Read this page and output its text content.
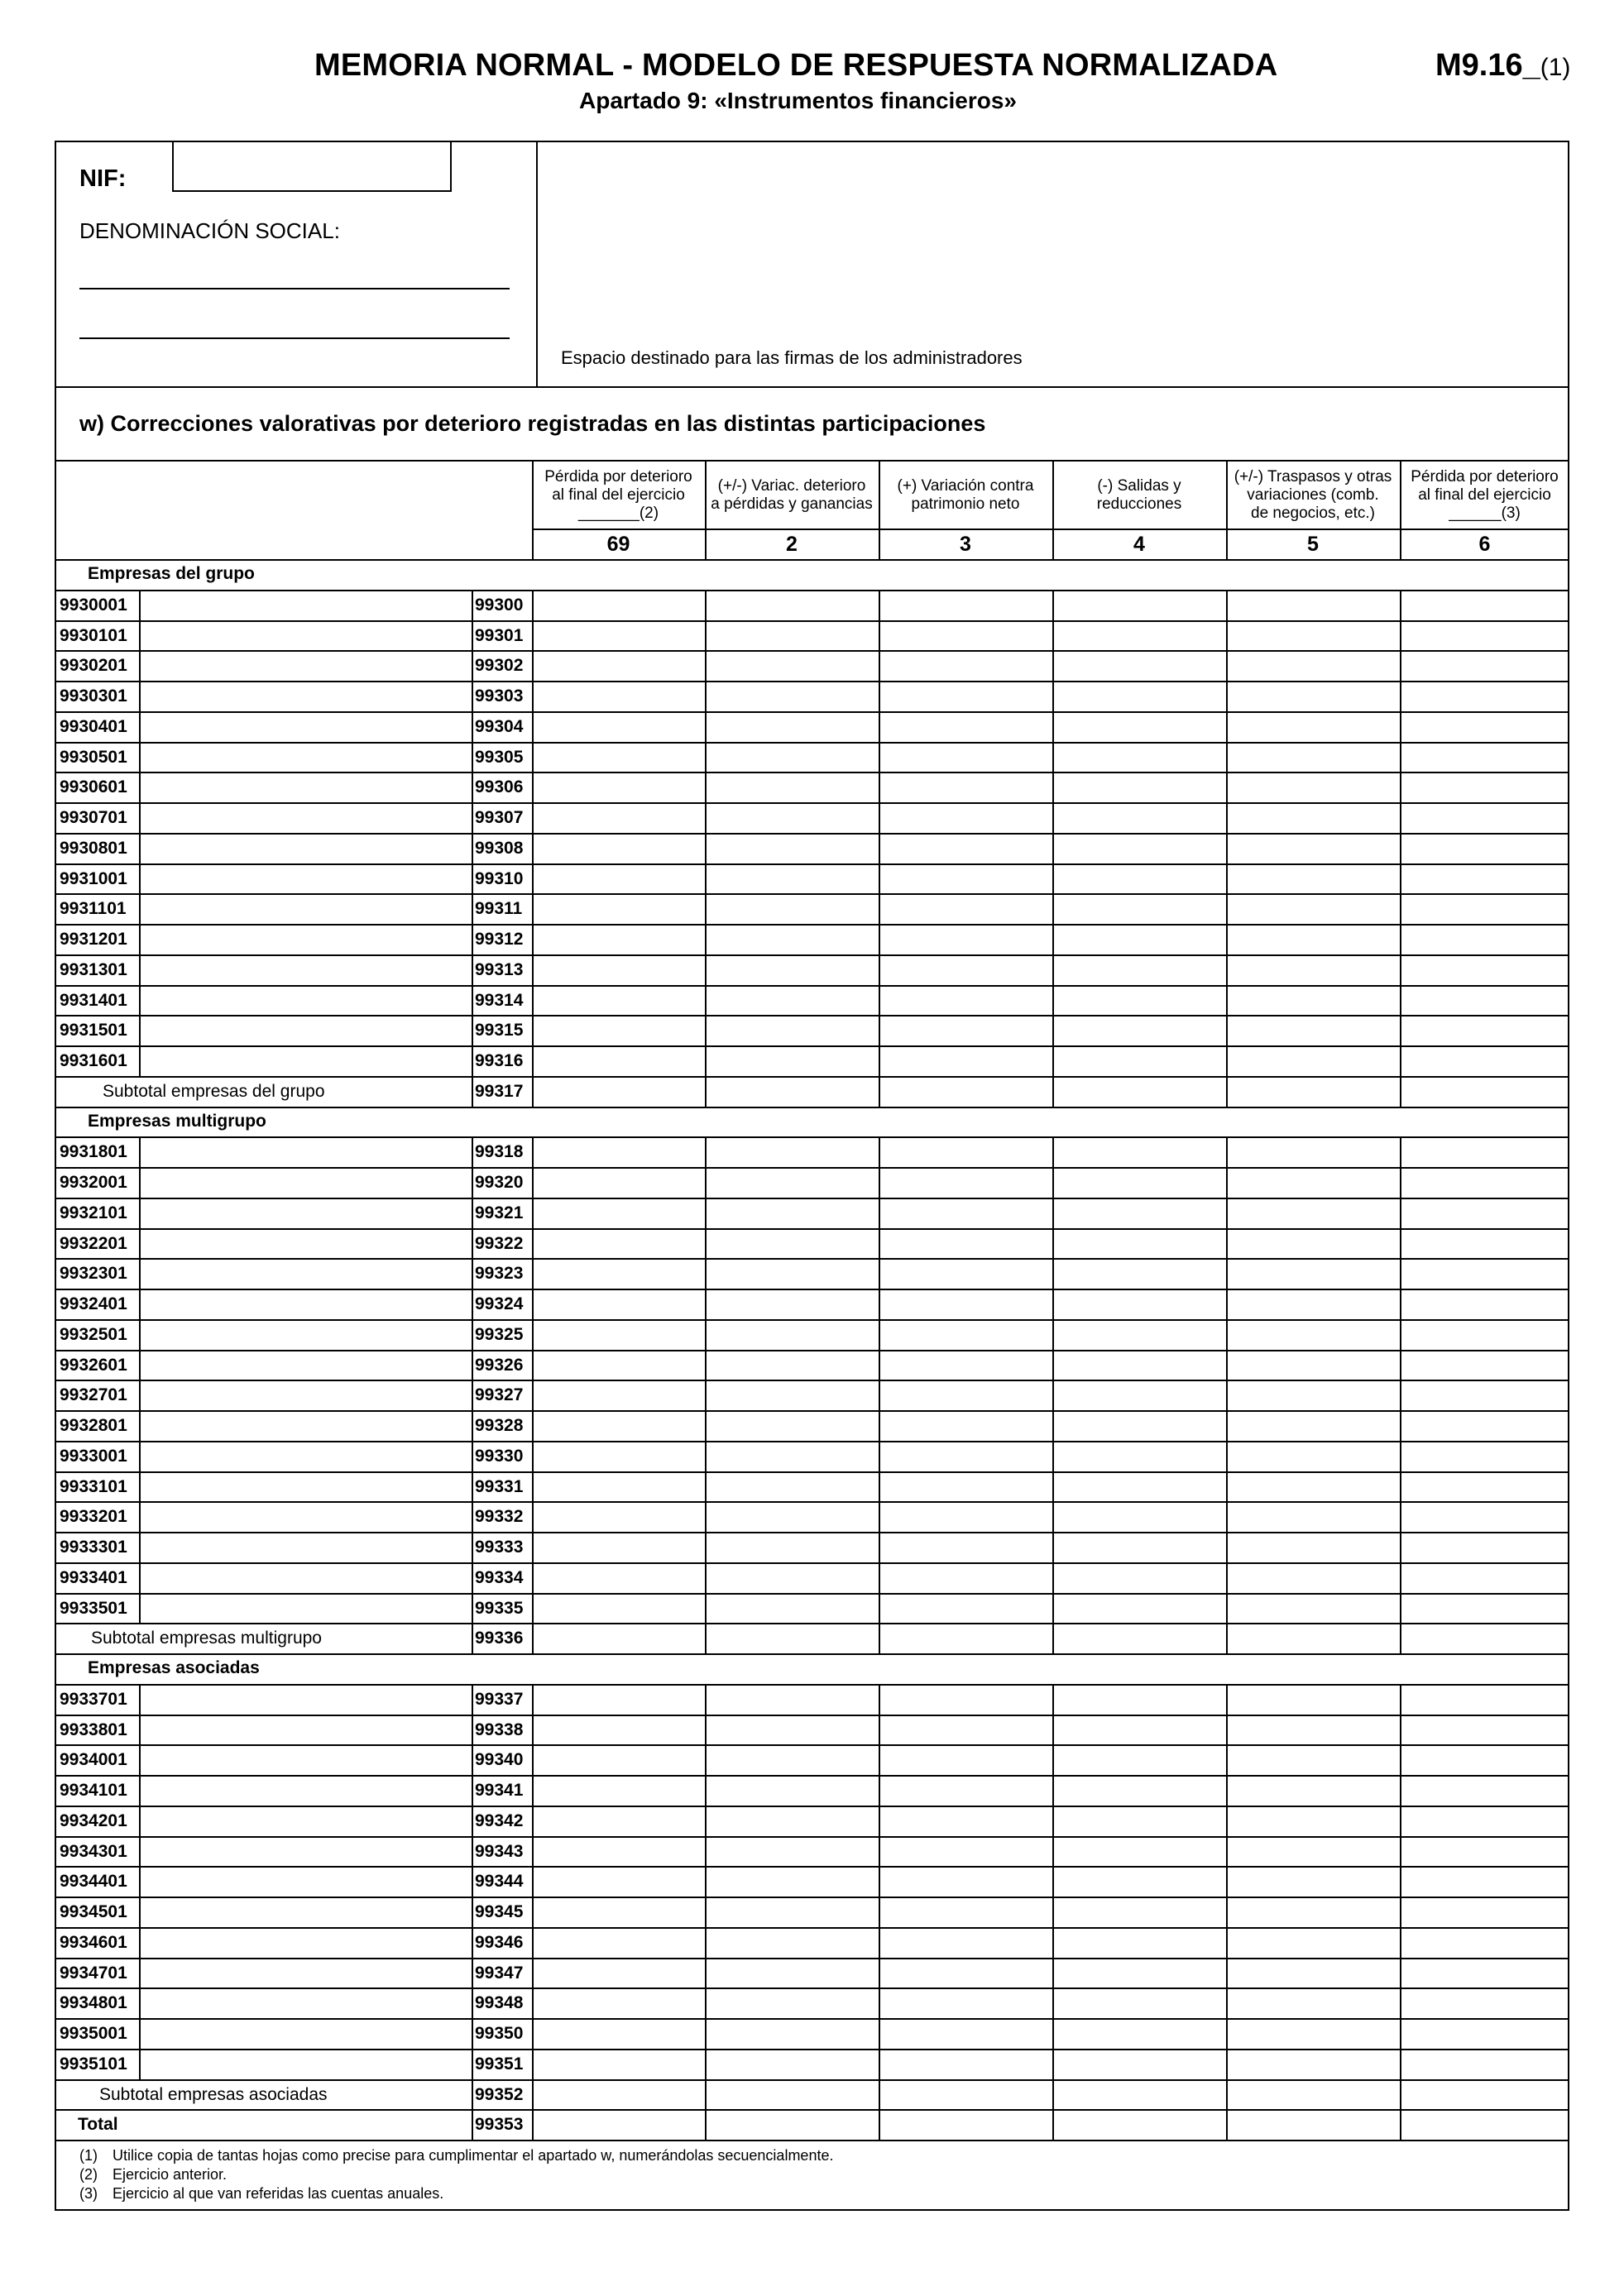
MEMORIA NORMAL - MODELO DE RESPUESTA NORMALIZADA	M9.16_(1)
Apartado 9: «Instrumentos financieros»
NIF:
DENOMINACIÓN SOCIAL:
Espacio destinado para las firmas de los administradores
w) Correcciones valorativas por deterioro registradas en las distintas participaciones
Pérdida por deterioro
al final del ejercicio
_______(2)
69
(+/-) Variac. deterioro
a pérdidas y ganancias
2
(+) Variación contra
patrimonio neto
3
(-) Salidas y
reducciones
4
(+/-) Traspasos y otras
variaciones (comb.
de negocios, etc.)
5
Pérdida por deterioro
al final del ejercicio
______(3)
6
Empresas del grupo
9930001	99300
9930101	99301
9930201	99302
9930301	99303
9930401	99304
9930501	99305
9930601	99306
9930701	99307
9930801	99308
9931001	99310
9931101	99311
9931201	99312
9931301	99313
9931401	99314
9931501	99315
9931601	99316
Subtotal empresas del grupo	99317
Empresas multigrupo
9931801	99318
9932001	99320
9932101	99321
9932201	99322
9932301	99323
9932401	99324
9932501	99325
9932601	99326
9932701	99327
9932801	99328
9933001	99330
9933101	99331
9933201	99332
9933301	99333
9933401	99334
9933501	99335
Subtotal empresas multigrupo	99336
Empresas asociadas
9933701	99337
9933801	99338
9934001	99340
9934101	99341
9934201	99342
9934301	99343
9934401	99344
9934501	99345
9934601	99346
9934701	99347
9934801	99348
9935001	99350
9935101	99351
Subtotal empresas asociadas	99352
Total	99353
(1) Utilice copia de tantas hojas como precise para cumplimentar el apartado w, numerándolas secuencialmente.
(2) Ejercicio anterior.
(3) Ejercicio al que van referidas las cuentas anuales.
